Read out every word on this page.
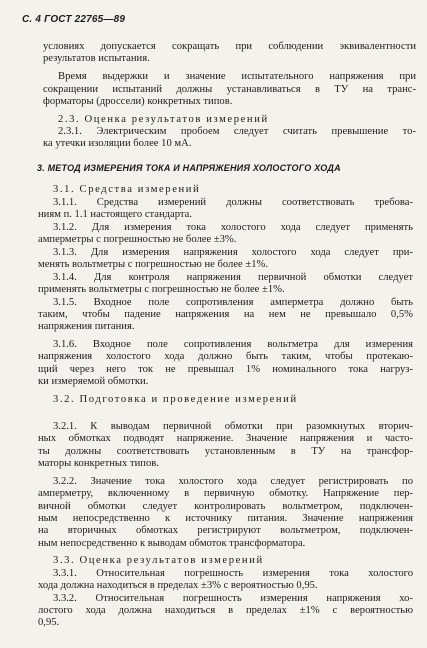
С. 4 ГОСТ 22765—89
условиях допускается сокращать при соблюдении эквивалентности
результатов испытания.
Время выдержки и значение испытательного напряжения при
сокращении испытаний должны устанавливаться в ТУ на транс-
форматоры (дроссели) конкретных типов.
2.3. Оценка результатов измерений
2.3.1. Электрическим пробоем следует считать превышение то-
ка утечки изоляции более 10 мА.
3. МЕТОД ИЗМЕРЕНИЯ ТОКА И НАПРЯЖЕНИЯ ХОЛОСТОГО ХОДА
3.1. Средства измерений
3.1.1. Средства измерений должны соответствовать требова-
ниям п. 1.1 настоящего стандарта.
3.1.2. Для измерения тока холостого хода следует применять
амперметры с погрешностью не более ±3%.
3.1.3. Для измерения напряжения холостого хода следует при-
менять вольтметры с погрешностью не более ±1%.
3.1.4. Для контроля напряжения первичной обмотки следует
применять вольтметры с погрешностью не более ±1%.
3.1.5. Входное поле сопротивления амперметра должно быть
таким, чтобы падение напряжения на нем не превышало 0,5%
напряжения питания.
3.1.6. Входное поле сопротивления вольтметра для измерения
напряжения холостого хода должно быть таким, чтобы протекаю-
щий через него ток не превышал 1% номинального тока нагруз-
ки измеряемой обмотки.
3.2. Подготовка и проведение измерений
3.2.1. К выводам первичной обмотки при разомкнутых вторич-
ных обмотках подводят напряжение. Значение напряжения и часто-
ты должны соответствовать установленным в ТУ на трансфор-
маторы конкретных типов.
3.2.2. Значение тока холостого хода следует регистрировать по
амперметру, включенному в первичную обмотку. Напряжение пер-
вичной обмотки следует контролировать вольтметром, подключен-
ным непосредственно к источнику питания. Значение напряжения
на вторичных обмотках регистрируют вольтметром, подключен-
ным непосредственно к выводам обмоток трансформатора.
3.3. Оценка результатов измерений
3.3.1. Относительная погрешность измерения тока холостого
хода должна находиться в пределах ±3% с вероятностью 0,95.
3.3.2. Относительная погрешность измерения напряжения хо-
лостого хода должна находиться в пределах ±1% с вероятностью
0,95.
